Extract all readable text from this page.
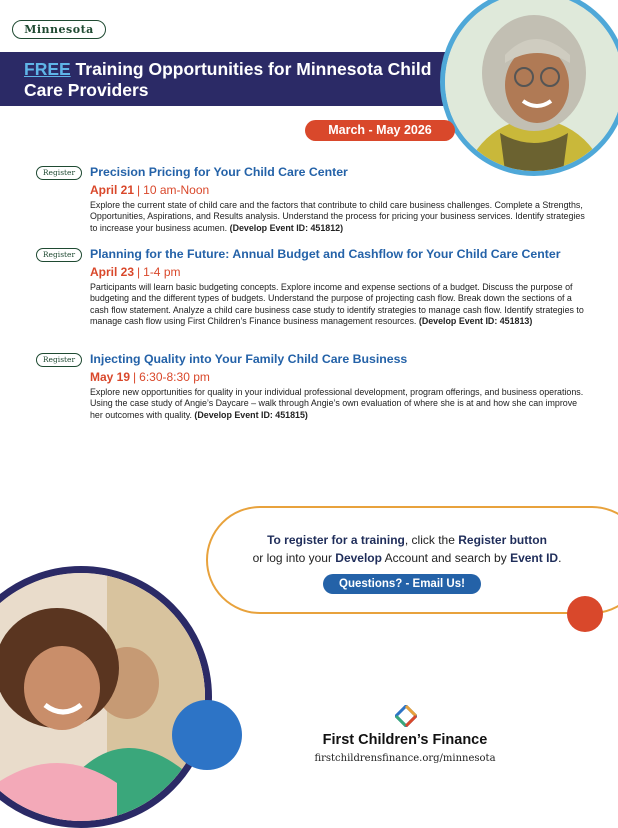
Minnesota
FREE Training Opportunities for Minnesota Child Care Providers
March - May 2026
Register	Precision Pricing for Your Child Care Center
April 21 | 10 am-Noon
Explore the current state of child care and the factors that contribute to child care business challenges. Complete a Strengths, Opportunities, Aspirations, and Results analysis. Understand the process for pricing your business services. Identify strategies to increase your business acumen. (Develop Event ID: 451812)
Register	Planning for the Future: Annual Budget and Cashflow for Your Child Care Center
April 23 | 1-4 pm
Participants will learn basic budgeting concepts. Explore income and expense sections of a budget. Discuss the purpose of budgeting and the different types of budgets. Understand the purpose of projecting cash flow. Break down the sections of a cash flow statement. Analyze a child care business case study to identify strategies to manage cash flow. Identify strategies to manage cash flow using First Children’s Finance business management resources. (Develop Event ID: 451813)
Register	Injecting Quality into Your Family Child Care Business
May 19 | 6:30-8:30 pm
Explore new opportunities for quality in your individual professional development, program offerings, and business operations. Using the case study of Angie’s Daycare – walk through Angie’s own evaluation of where she is at and how she can improve her outcomes with quality. (Develop Event ID: 451815)
To register for a training, click the Register button
or log into your Develop Account and search by Event ID.
Questions? - Email Us!
First Children’s Finance
firstchildrensfinance.org/minnesota
